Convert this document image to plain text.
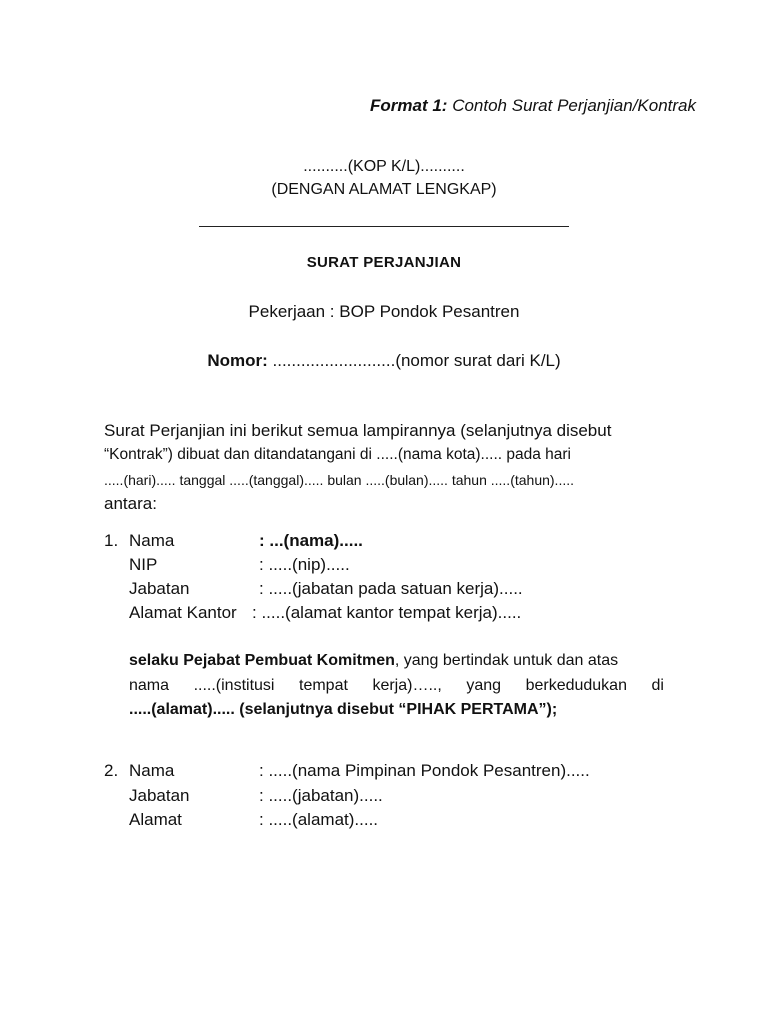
Format 1: Contoh Surat Perjanjian/Kontrak
..........(KOP K/L)..........
(DENGAN ALAMAT LENGKAP)
SURAT PERJANJIAN
Pekerjaan : BOP Pondok Pesantren
Nomor: ..........................(nomor surat dari K/L)
Surat Perjanjian ini berikut semua lampirannya (selanjutnya disebut
“Kontrak”) dibuat dan ditandatangani di .....(nama kota)..... pada hari
.....(hari)..... tanggal .....(tanggal)..... bulan .....(bulan)..... tahun .....(tahun).....
antara:
1. Nama	: ...(nama).....
NIP	: .....(nip).....
Jabatan	: .....(jabatan pada satuan kerja).....
Alamat Kantor : .....(alamat kantor tempat kerja).....
selaku Pejabat Pembuat Komitmen, yang bertindak untuk dan atas
nama .....(institusi tempat kerja)….., yang berkedudukan di
.....(alamat)..... (selanjutnya disebut “PIHAK PERTAMA”);
2. Nama	: .....(nama Pimpinan Pondok Pesantren).....
Jabatan	: .....(jabatan).....
Alamat	: .....(alamat).....
